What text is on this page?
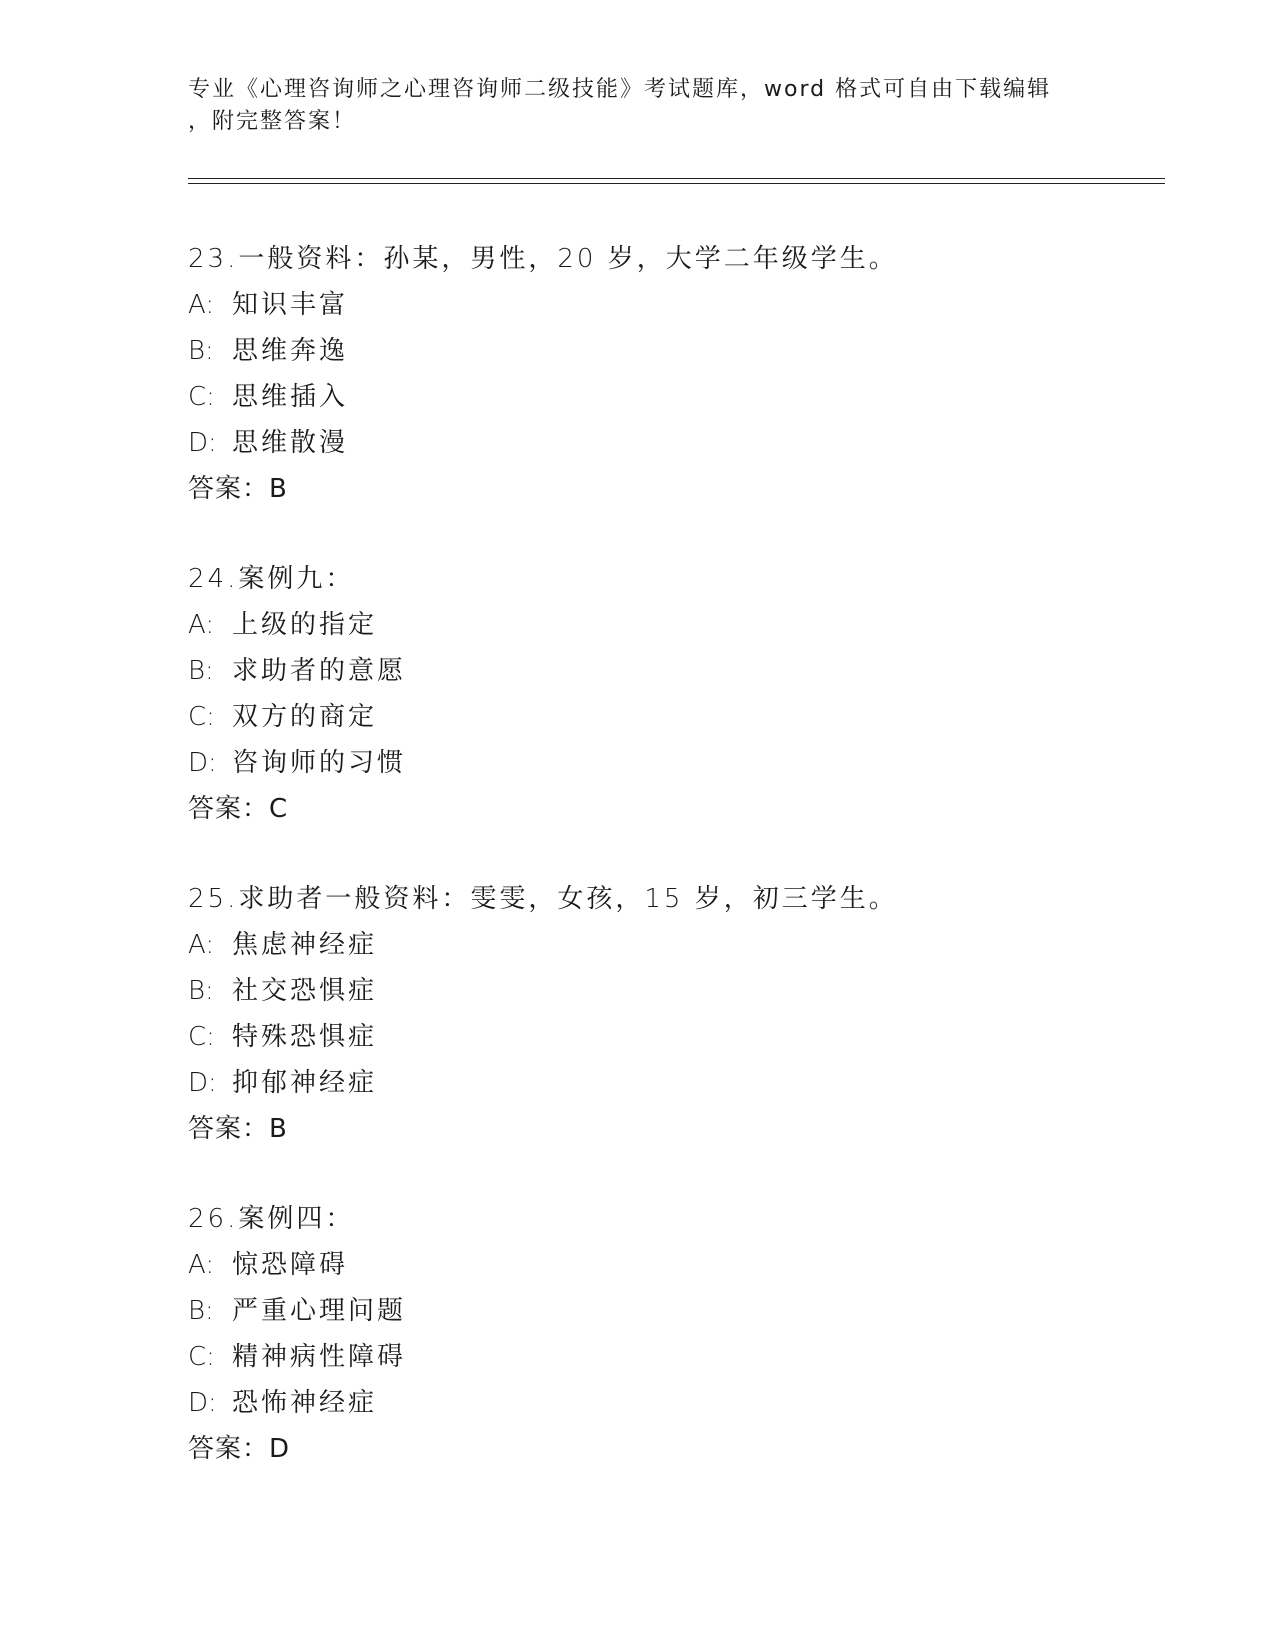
专业《心理咨询师之心理咨询师二级技能》考试题库，word 格式可自由下载编辑
，附完整答案！
23.一般资料：孙某，男性，20 岁，大学二年级学生。
A: 知识丰富
B: 思维奔逸
C: 思维插入
D: 思维散漫
答案：B
24.案例九：
A: 上级的指定
B: 求助者的意愿
C: 双方的商定
D: 咨询师的习惯
答案：C
25.求助者一般资料：雯雯，女孩，15 岁，初三学生。
A: 焦虑神经症
B: 社交恐惧症
C: 特殊恐惧症
D: 抑郁神经症
答案：B
26.案例四：
A: 惊恐障碍
B: 严重心理问题
C: 精神病性障碍
D: 恐怖神经症
答案：D
